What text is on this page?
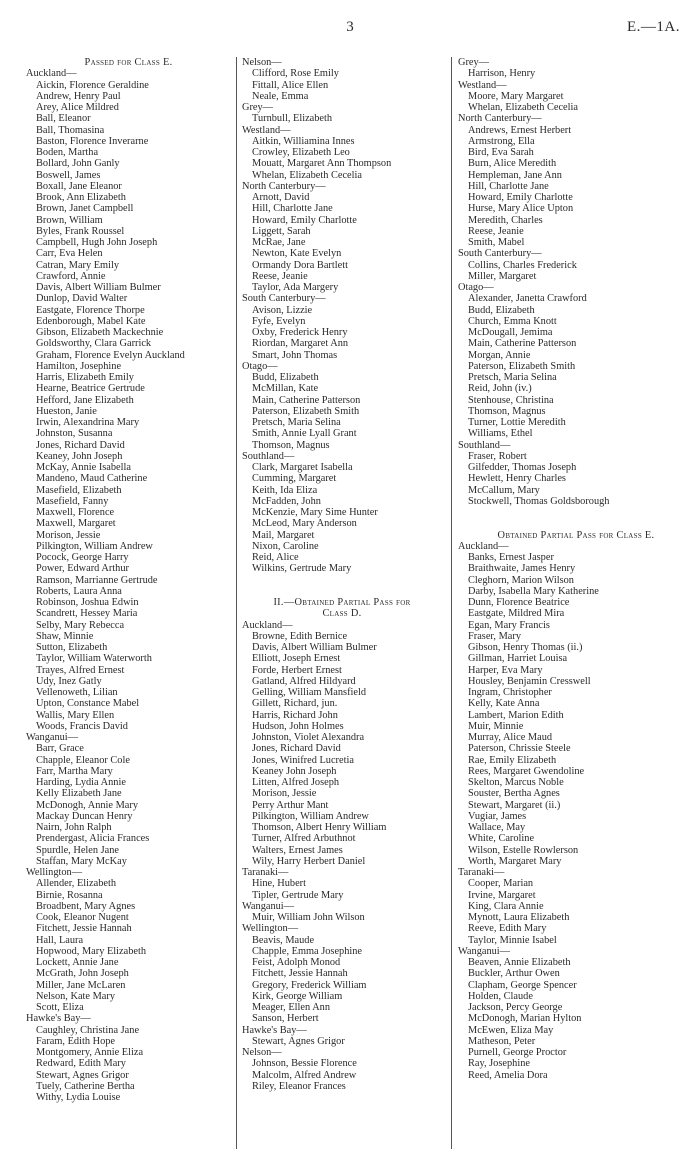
3	E.—1A.
Passed for Class E.
Auckland—
Aickin, Florence Geraldine
Andrew, Henry Paul
Arey, Alice Mildred
Ball, Eleanor
Ball, Thomasina
Baston, Florence Inverarne
Boden, Martha
Bollard, John Ganly
Boswell, James
Boxall, Jane Eleanor
Brook, Ann Elizabeth
Brown, Janet Campbell
Brown, William
Byles, Frank Roussel
Campbell, Hugh John Joseph
Carr, Eva Helen
Catran, Mary Emily
Crawford, Annie
Davis, Albert William Bulmer
Dunlop, David Walter
Eastgate, Florence Thorpe
Edenborough, Mabel Kate
Gibson, Elizabeth Mackechnie
Goldsworthy, Clara Garrick
Graham, Florence Evelyn Auckland
Hamilton, Josephine
Harris, Elizabeth Emily
Hearne, Beatrice Gertrude
Hefford, Jane Elizabeth
Hueston, Janie
Irwin, Alexandrina Mary
Johnston, Susanna
Jones, Richard David
Keaney, John Joseph
McKay, Annie Isabella
Mandeno, Maud Catherine
Masefield, Elizabeth
Masefield, Fanny
Maxwell, Florence
Maxwell, Margaret
Morison, Jessie
Pilkington, William Andrew
Pocock, George Harry
Power, Edward Arthur
Ramson, Marrianne Gertrude
Roberts, Laura Anna
Robinson, Joshua Edwin
Scandrett, Hessey Maria
Selby, Mary Rebecca
Shaw, Minnie
Sutton, Elizabeth
Taylor, William Waterworth
Trayes, Alfred Ernest
Udy, Inez Gatly
Vellenoweth, Lilian
Upton, Constance Mabel
Wallis, Mary Ellen
Woods, Francis David
Wanganui—
Barr, Grace
Chapple, Eleanor Cole
Farr, Martha Mary
Harding, Lydia Annie
Kelly Elizabeth Jane
McDonogh, Annie Mary
Mackay Duncan Henry
Nairn, John Ralph
Prendergast, Alicia Frances
Spurdle, Helen Jane
Staffan, Mary McKay
Wellington—
Allender, Elizabeth
Birnie, Rosanna
Broadbent, Mary Agnes
Cook, Eleanor Nugent
Fitchett, Jessie Hannah
Hall, Laura
Hopwood, Mary Elizabeth
Lockett, Annie Jane
McGrath, John Joseph
Miller, Jane McLaren
Nelson, Kate Mary
Scott, Eliza
Hawke's Bay—
Caughley, Christina Jane
Faram, Edith Hope
Montgomery, Annie Eliza
Redward, Edith Mary
Stewart, Agnes Grigor
Tuely, Catherine Bertha
Withy, Lydia Louise
Nelson—
Clifford, Rose Emily
Fittall, Alice Ellen
Neale, Emma
Grey—
Turnbull, Elizabeth
Westland—
Aitkin, Williamina Innes
Crowley, Elizabeth Leo
Mouatt, Margaret Ann Thompson
Whelan, Elizabeth Cecelia
North Canterbury—
Arnott, David
Hill, Charlotte Jane
Howard, Emily Charlotte
Liggett, Sarah
McRae, Jane
Newton, Kate Evelyn
Ormandy Dora Bartlett
Reese, Jeanie
Taylor, Ada Margery
South Canterbury—
Avison, Lizzie
Fyfe, Evelyn
Oxby, Frederick Henry
Riordan, Margaret Ann
Smart, John Thomas
Otago—
Budd, Elizabeth
McMillan, Kate
Main, Catherine Patterson
Paterson, Elizabeth Smith
Pretsch, Maria Selina
Smith, Annie Lyall Grant
Thomson, Magnus
Southland—
Clark, Margaret Isabella
Cumming, Margaret
Keith, Ida Eliza
McFadden, John
McKenzie, Mary Sime Hunter
McLeod, Mary Anderson
Mail, Margaret
Nixon, Caroline
Reid, Alice
Wilkins, Gertrude Mary
II.—Obtained Partial Pass for
Class D.
Auckland—
Browne, Edith Bernice
Davis, Albert William Bulmer
Elliott, Joseph Ernest
Forde, Herbert Ernest
Gatland, Alfred Hildyard
Gelling, William Mansfield
Gillett, Richard, jun.
Harris, Richard John
Hudson, John Holmes
Johnston, Violet Alexandra
Jones, Richard David
Jones, Winifred Lucretia
Keaney John Joseph
Litten, Alfred Joseph
Morison, Jessie
Perry Arthur Mant
Pilkington, William Andrew
Thomson, Albert Henry William
Turner, Alfred Arbuthnot
Walters, Ernest James
Wily, Harry Herbert Daniel
Taranaki—
Hine, Hubert
Tipler, Gertrude Mary
Wanganui—
Muir, William John Wilson
Wellington—
Beavis, Maude
Chapple, Emma Josephine
Feist, Adolph Monod
Fitchett, Jessie Hannah
Gregory, Frederick William
Kirk, George William
Meager, Ellen Ann
Sanson, Herbert
Hawke's Bay—
Stewart, Agnes Grigor
Nelson—
Johnson, Bessie Florence
Malcolm, Alfred Andrew
Riley, Eleanor Frances
Grey—
Harrison, Henry
Westland—
Moore, Mary Margaret
Whelan, Elizabeth Cecelia
North Canterbury—
Andrews, Ernest Herbert
Armstrong, Ella
Bird, Eva Sarah
Burn, Alice Meredith
Hempleman, Jane Ann
Hill, Charlotte Jane
Howard, Emily Charlotte
Hurse, Mary Alice Upton
Meredith, Charles
Reese, Jeanie
Smith, Mabel
South Canterbury—
Collins, Charles Frederick
Miller, Margaret
Otago—
Alexander, Janetta Crawford
Budd, Elizabeth
Church, Emma Knott
McDougall, Jemima
Main, Catherine Patterson
Morgan, Annie
Paterson, Elizabeth Smith
Pretsch, Maria Selina
Reid, John (iv.)
Stenhouse, Christina
Thomson, Magnus
Turner, Lottie Meredith
Williams, Ethel
Southland—
Fraser, Robert
Gilfedder, Thomas Joseph
Hewlett, Henry Charles
McCallum, Mary
Stockwell, Thomas Goldsborough
Obtained Partial Pass for Class E.
Auckland—
Banks, Ernest Jasper
Braithwaite, James Henry
Cleghorn, Marion Wilson
Darby, Isabella Mary Katherine
Dunn, Florence Beatrice
Eastgate, Mildred Mira
Egan, Mary Francis
Fraser, Mary
Gibson, Henry Thomas (ii.)
Gillman, Harriet Louisa
Harper, Eva Mary
Housley, Benjamin Cresswell
Ingram, Christopher
Kelly, Kate Anna
Lambert, Marion Edith
Muir, Minnie
Murray, Alice Maud
Paterson, Chrissie Steele
Rae, Emily Elizabeth
Rees, Margaret Gwendoline
Skelton, Marcus Noble
Souster, Bertha Agnes
Stewart, Margaret (ii.)
Vugiar, James
Wallace, May
White, Caroline
Wilson, Estelle Rowlerson
Worth, Margaret Mary
Taranaki—
Cooper, Marian
Irvine, Margaret
King, Clara Annie
Mynott, Laura Elizabeth
Reeve, Edith Mary
Taylor, Minnie Isabel
Wanganui—
Beaven, Annie Elizabeth
Buckler, Arthur Owen
Clapham, George Spencer
Holden, Claude
Jackson, Percy George
McDonogh, Marian Hylton
McEwen, Eliza May
Matheson, Peter
Purnell, George Proctor
Ray, Josephine
Reed, Amelia Dora
